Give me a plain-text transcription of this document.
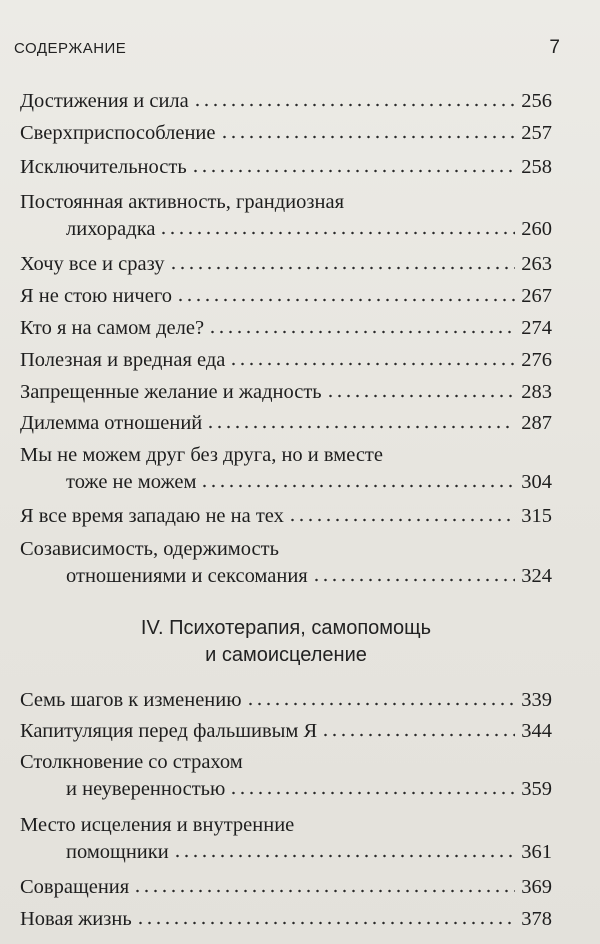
СОДЕРЖАНИЕ	7
Достижения и сила	256
Сверхприспособление	257
Исключительность	258
Постоянная активность, грандиозная
лихорадка	260
Хочу все и сразу	263
Я не стою ничего	267
Кто я на самом деле?	274
Полезная и вредная еда	276
Запрещенные желание и жадность	283
Дилемма отношений	287
Мы не можем друг без друга, но и вместе
тоже не можем	304
Я все время западаю не на тех	315
Созависимость, одержимость
отношениями и сексомания	324
IV. Психотерапия, самопомощь
и самоисцеление
Семь шагов к изменению	339
Капитуляция перед фальшивым Я	344
Столкновение со страхом
и неуверенностью	359
Место исцеления и внутренние
помощники	361
Совращения	369
Новая жизнь	378
